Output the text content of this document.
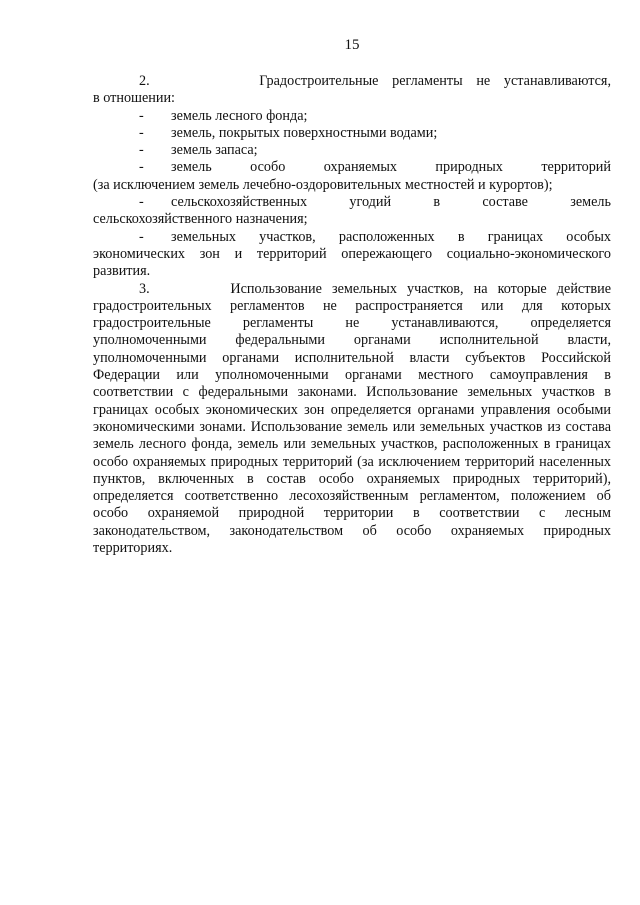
15
2.	Градостроительные регламенты не устанавливаются,
в отношении:
- земель лесного фонда;
- земель, покрытых поверхностными водами;
- земель запаса;
- земель особо охраняемых природных территорий
(за исключением земель лечебно-оздоровительных местностей и курортов);
- сельскохозяйственных угодий в составе земель
сельскохозяйственного назначения;
- земельных участков, расположенных в границах особых
экономических зон и территорий опережающего социально-экономического развития.

3.	Использование земельных участков, на которые действие градостроительных регламентов не распространяется или для которых градостроительные регламенты не устанавливаются, определяется уполномоченными федеральными органами исполнительной власти, уполномоченными органами исполнительной власти субъектов Российской Федерации или уполномоченными органами местного самоуправления в соответствии с федеральными законами. Использование земельных участков в границах особых экономических зон определяется органами управления особыми экономическими зонами. Использование земель или земельных участков из состава земель лесного фонда, земель или земельных участков, расположенных в границах особо охраняемых природных территорий (за исключением территорий населенных пунктов, включенных в состав особо охраняемых природных территорий), определяется соответственно лесохозяйственным регламентом, положением об особо охраняемой природной территории в соответствии с лесным законодательством, законодательством об особо охраняемых природных территориях.
